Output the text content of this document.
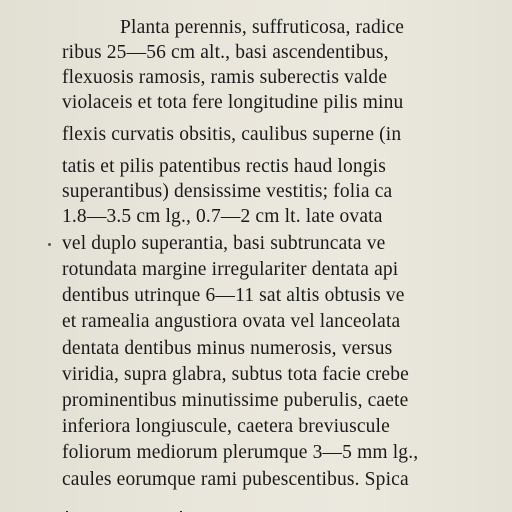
Planta perennis, suffruticosa, radice
ribus 25—56 cm alt., basi ascendentibus,
flexuosis ramosis, ramis suberectis valde
violaceis et tota fere longitudine pilis minu
flexis curvatis obsitis, caulibus superne (in
tatis et pilis patentibus rectis haud longis
superantibus) densissime vestitis; folia ca
1.8—3.5 cm lg., 0.7—2 cm lt. late ovata
vel duplo superantia, basi subtruncata ve
rotundata margine irregulariter dentata api
dentibus utrinque 6—11 sat altis obtusis ve
et ramealia angustiora ovata vel lanceolata
dentata dentibus minus numerosis, versus
viridia, supra glabra, subtus tota facie crebe
prominentibus minutissime puberulis, caete
inferiora longiuscule, caetera breviuscule
foliorum mediorum plerumque 3—5 mm lg.,
caules eorumque rami pubescentibus. Spica
